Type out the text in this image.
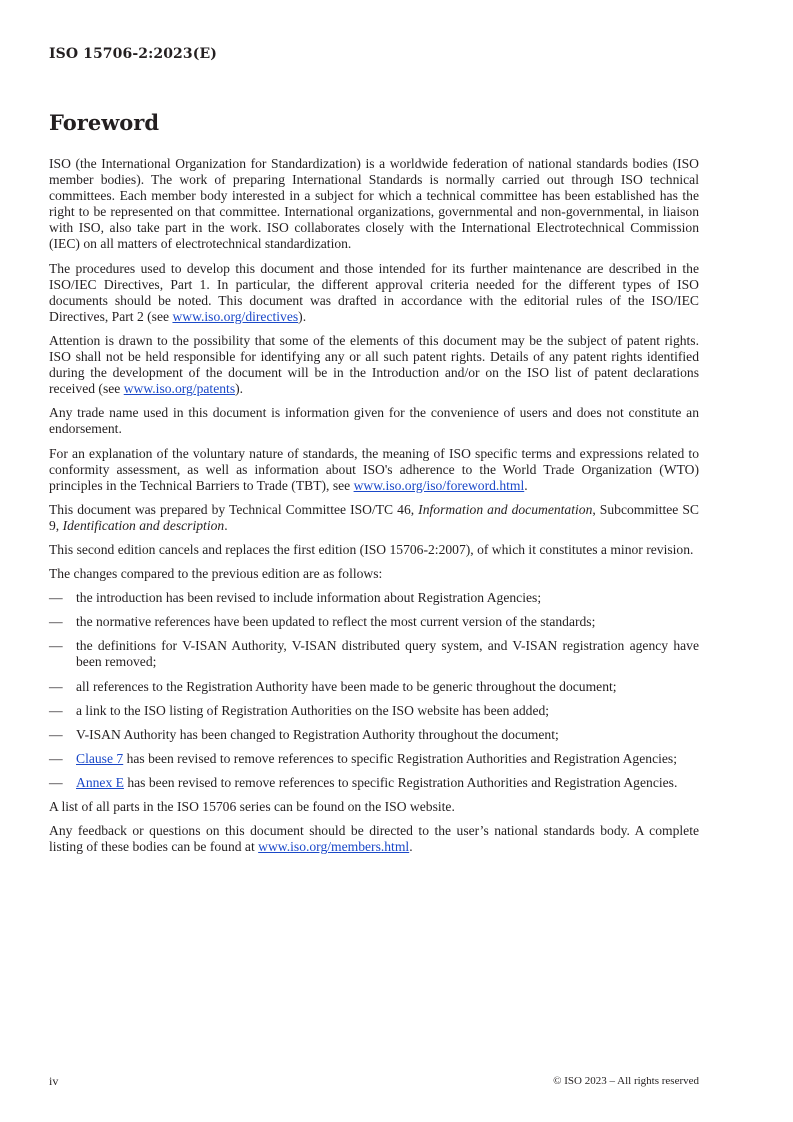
ISO 15706-2:2023(E)
Foreword

ISO (the International Organization for Standardization) is a worldwide federation of national standards bodies (ISO member bodies). The work of preparing International Standards is normally carried out through ISO technical committees. Each member body interested in a subject for which a technical committee has been established has the right to be represented on that committee. International organizations, governmental and non-governmental, in liaison with ISO, also take part in the work. ISO collaborates closely with the International Electrotechnical Commission (IEC) on all matters of electrotechnical standardization.

The procedures used to develop this document and those intended for its further maintenance are described in the ISO/IEC Directives, Part 1. In particular, the different approval criteria needed for the different types of ISO documents should be noted. This document was drafted in accordance with the editorial rules of the ISO/IEC Directives, Part 2 (see www.iso.org/directives).

Attention is drawn to the possibility that some of the elements of this document may be the subject of patent rights. ISO shall not be held responsible for identifying any or all such patent rights. Details of any patent rights identified during the development of the document will be in the Introduction and/or on the ISO list of patent declarations received (see www.iso.org/patents).

Any trade name used in this document is information given for the convenience of users and does not constitute an endorsement.

For an explanation of the voluntary nature of standards, the meaning of ISO specific terms and expressions related to conformity assessment, as well as information about ISO's adherence to the World Trade Organization (WTO) principles in the Technical Barriers to Trade (TBT), see www.iso.org/iso/foreword.html.

This document was prepared by Technical Committee ISO/TC 46, Information and documentation, Subcommittee SC 9, Identification and description.

This second edition cancels and replaces the first edition (ISO 15706-2:2007), of which it constitutes a minor revision.

The changes compared to the previous edition are as follows:

— the introduction has been revised to include information about Registration Agencies;
— the normative references have been updated to reflect the most current version of the standards;
— the definitions for V-ISAN Authority, V-ISAN distributed query system, and V-ISAN registration agency have been removed;
— all references to the Registration Authority have been made to be generic throughout the document;
— a link to the ISO listing of Registration Authorities on the ISO website has been added;
— V-ISAN Authority has been changed to Registration Authority throughout the document;
— Clause 7 has been revised to remove references to specific Registration Authorities and Registration Agencies;
— Annex E has been revised to remove references to specific Registration Authorities and Registration Agencies.

A list of all parts in the ISO 15706 series can be found on the ISO website.

Any feedback or questions on this document should be directed to the user’s national standards body. A complete listing of these bodies can be found at www.iso.org/members.html.

iv	© ISO 2023 – All rights reserved
